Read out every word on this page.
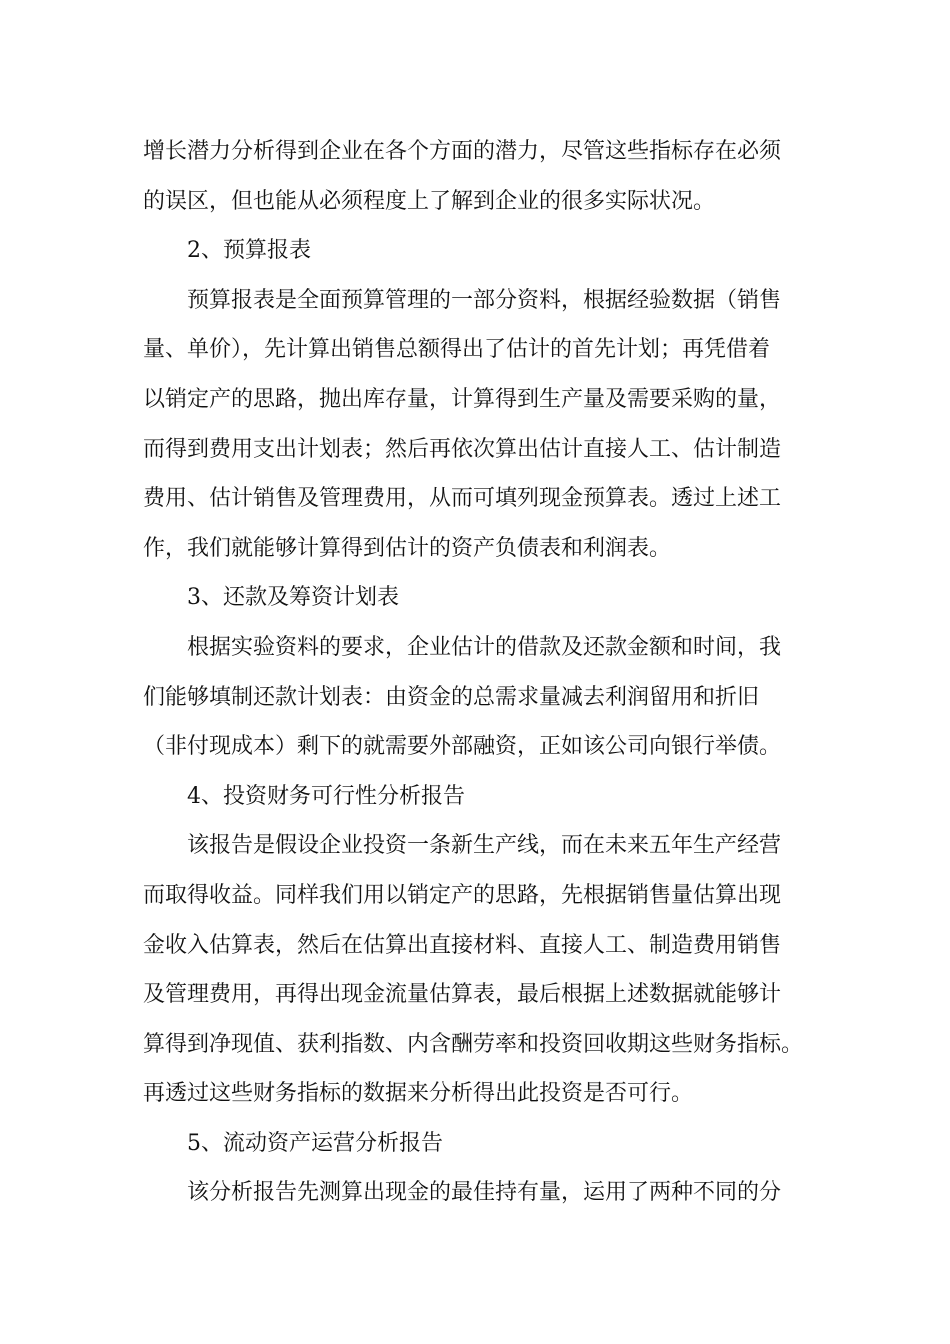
增长潜力分析得到企业在各个方面的潜力，尽管这些指标存在必须
的误区，但也能从必须程度上了解到企业的很多实际状况。
2、预算报表
预算报表是全面预算管理的一部分资料，根据经验数据（销售
量、单价），先计算出销售总额得出了估计的首先计划；再凭借着
以销定产的思路，抛出库存量，计算得到生产量及需要采购的量，
而得到费用支出计划表；然后再依次算出估计直接人工、估计制造
费用、估计销售及管理费用，从而可填列现金预算表。透过上述工
作，我们就能够计算得到估计的资产负债表和利润表。
3、还款及筹资计划表
根据实验资料的要求，企业估计的借款及还款金额和时间，我
们能够填制还款计划表：由资金的总需求量减去利润留用和折旧
（非付现成本）剩下的就需要外部融资，正如该公司向银行举债。
4、投资财务可行性分析报告
该报告是假设企业投资一条新生产线，而在未来五年生产经营
而取得收益。同样我们用以销定产的思路，先根据销售量估算出现
金收入估算表，然后在估算出直接材料、直接人工、制造费用销售
及管理费用，再得出现金流量估算表，最后根据上述数据就能够计
算得到净现值、获利指数、内含酬劳率和投资回收期这些财务指标。
再透过这些财务指标的数据来分析得出此投资是否可行。
5、流动资产运营分析报告
该分析报告先测算出现金的最佳持有量，运用了两种不同的分
